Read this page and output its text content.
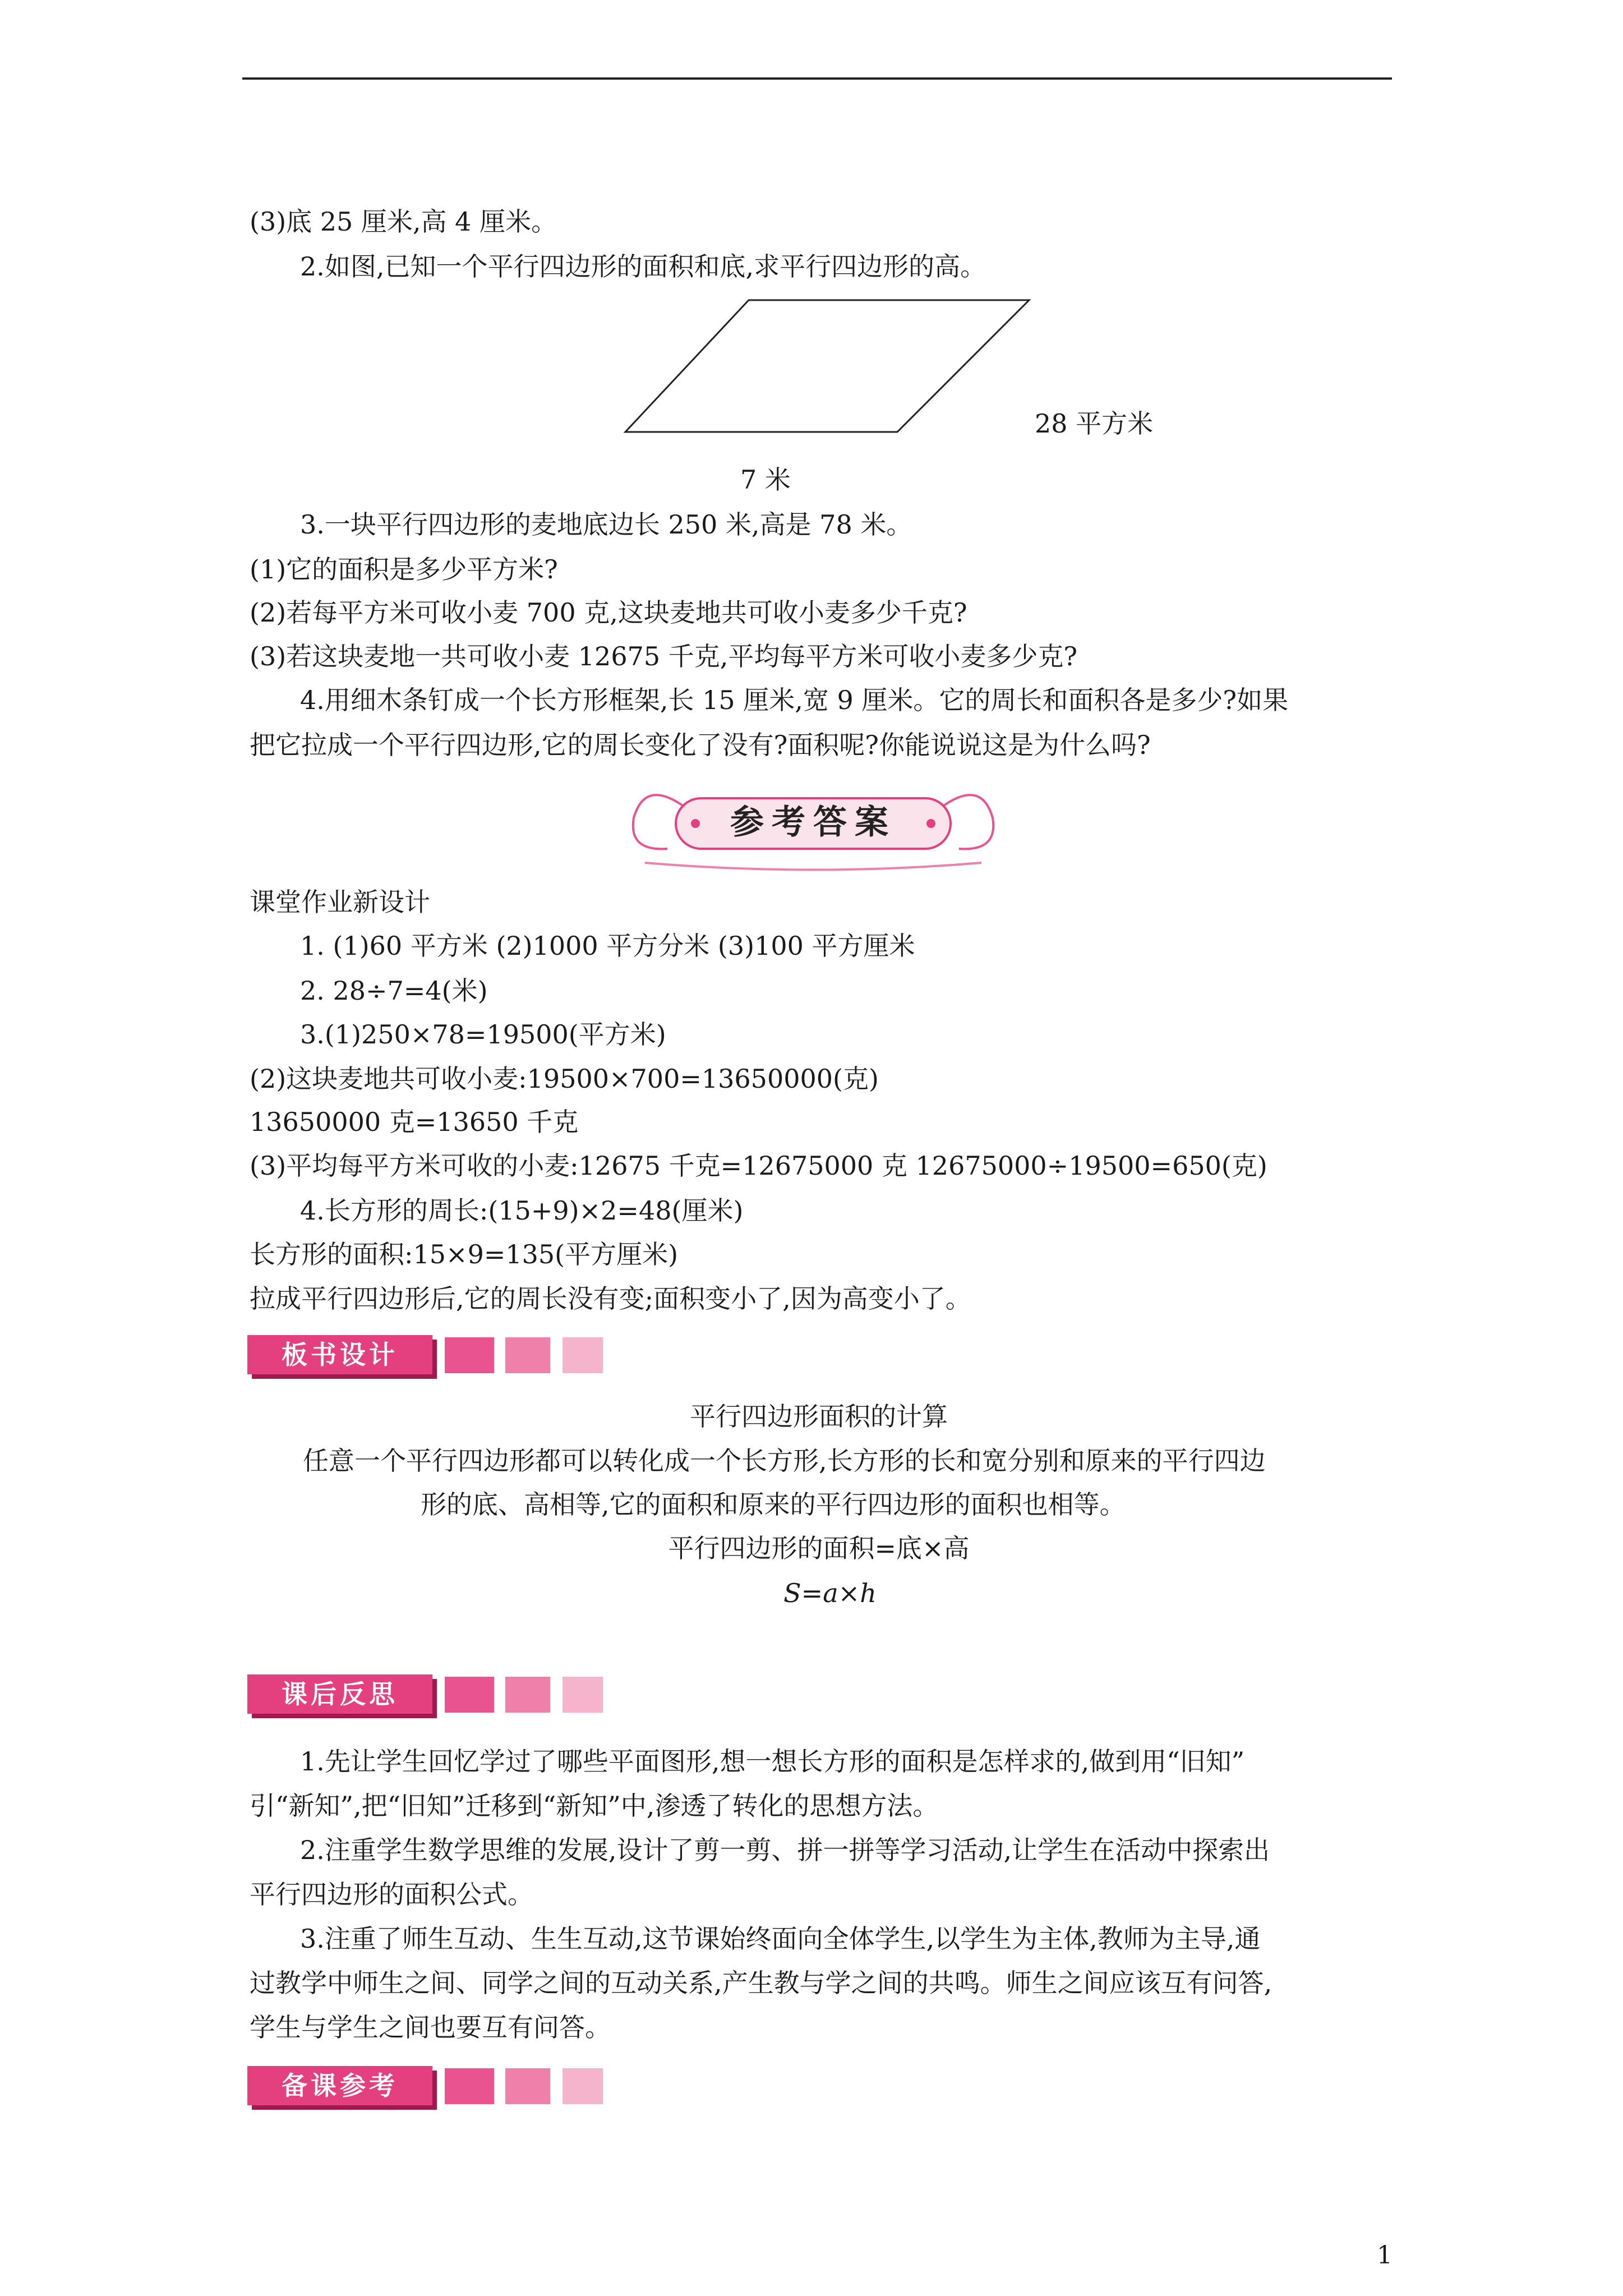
(3)底 25 厘米,高 4 厘米。
2.如图,已知一个平行四边形的面积和底,求平行四边形的高。
28 平方米
7 米
3.一块平行四边形的麦地底边长 250 米,高是 78 米。
(1)它的面积是多少平方米?
(2)若每平方米可收小麦 700 克,这块麦地共可收小麦多少千克?
(3)若这块麦地一共可收小麦 12675 千克,平均每平方米可收小麦多少克?
4.用细木条钉成一个长方形框架,长 15 厘米,宽 9 厘米。它的周长和面积各是多少?如果
把它拉成一个平行四边形,它的周长变化了没有?面积呢?你能说说这是为什么吗?
参考答案
课堂作业新设计
1. (1)60 平方米 (2)1000 平方分米 (3)100 平方厘米
2. 28÷7=4(米)
3.(1)250×78=19500(平方米)
(2)这块麦地共可收小麦:19500×700=13650000(克)
13650000 克=13650 千克
(3)平均每平方米可收的小麦:12675 千克=12675000 克 12675000÷19500=650(克)
4.长方形的周长:(15+9)×2=48(厘米)
长方形的面积:15×9=135(平方厘米)
拉成平行四边形后,它的周长没有变;面积变小了,因为高变小了。
板书设计
平行四边形面积的计算
任意一个平行四边形都可以转化成一个长方形,长方形的长和宽分别和原来的平行四边
形的底、高相等,它的面积和原来的平行四边形的面积也相等。
平行四边形的面积=底×高
S=a×h
课后反思
1.先让学生回忆学过了哪些平面图形,想一想长方形的面积是怎样求的,做到用“旧知”
引“新知”,把“旧知”迁移到“新知”中,渗透了转化的思想方法。
2.注重学生数学思维的发展,设计了剪一剪、拼一拼等学习活动,让学生在活动中探索出
平行四边形的面积公式。
3.注重了师生互动、生生互动,这节课始终面向全体学生,以学生为主体,教师为主导,通
过教学中师生之间、同学之间的互动关系,产生教与学之间的共鸣。师生之间应该互有问答,
学生与学生之间也要互有问答。
备课参考
1
